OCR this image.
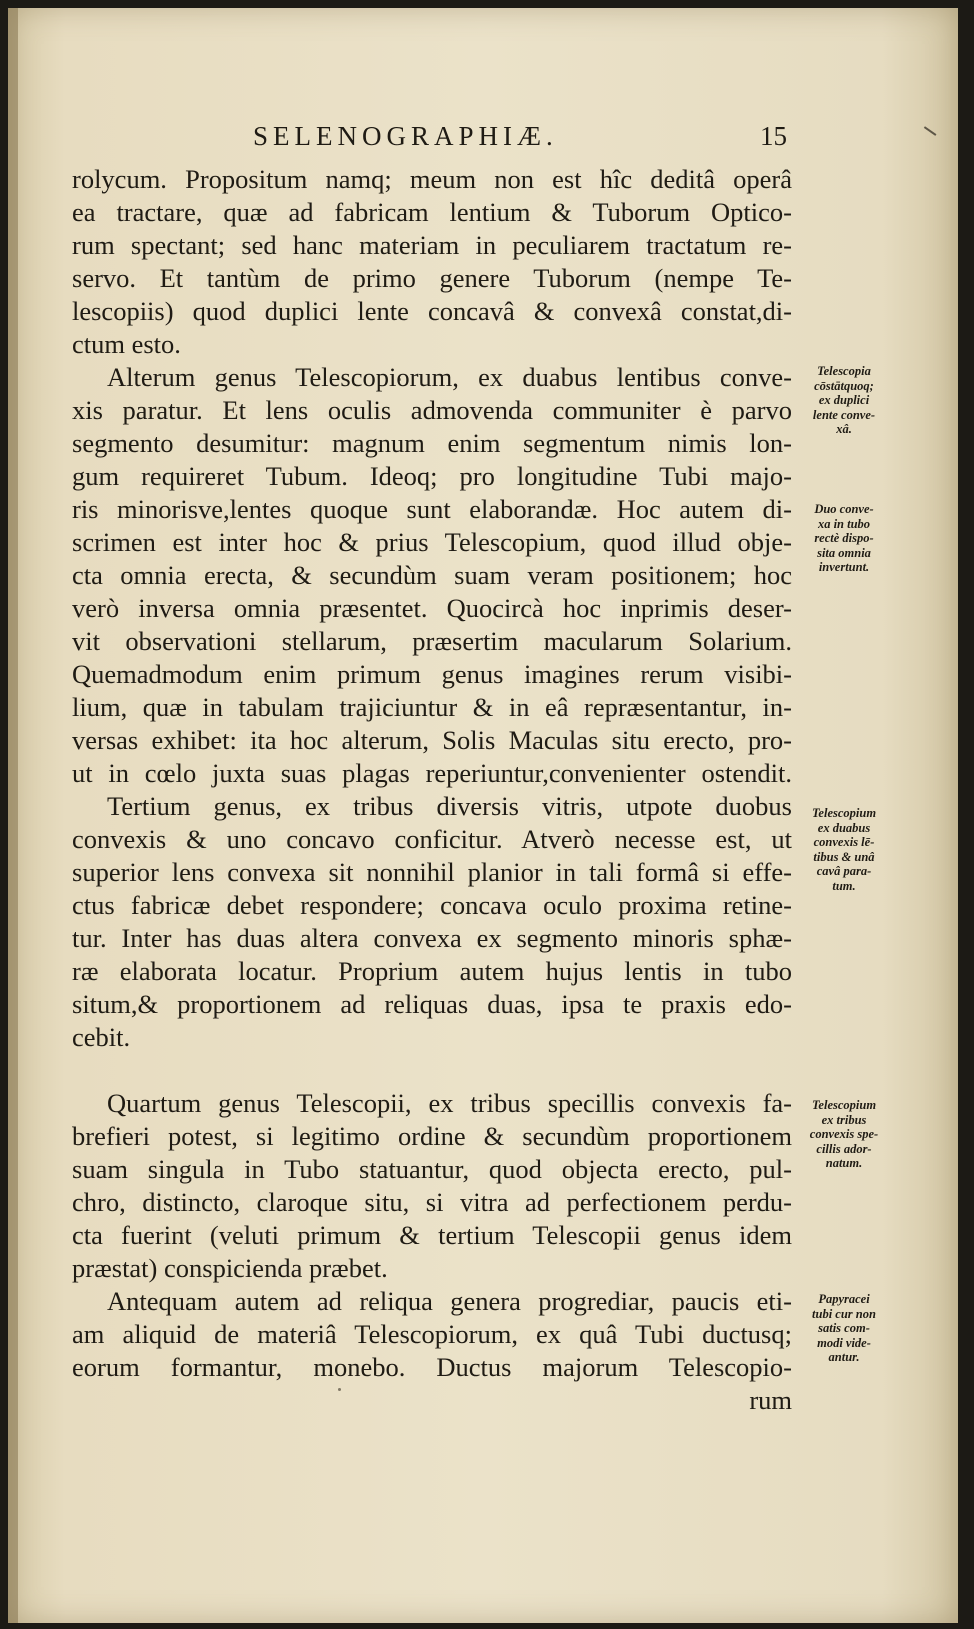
SELENOGRAPHIÆ.	15
rolycum. Propositum namq; meum non est hîc deditâ operâ
ea tractare, quæ ad fabricam lentium & Tuborum Optico-
rum spectant; sed hanc materiam in peculiarem tractatum re-
servo. Et tantùm de primo genere Tuborum (nempe Te-
lescopiis) quod duplici lente concavâ & convexâ constat,di-
ctum esto.
Alterum genus Telescopiorum, ex duabus lentibus conve-
xis paratur. Et lens oculis admovenda communiter è parvo
segmento desumitur: magnum enim segmentum nimis lon-
gum requireret Tubum. Ideoq; pro longitudine Tubi majo-
ris minorisve,lentes quoque sunt elaborandæ. Hoc autem di-
scrimen est inter hoc & prius Telescopium, quod illud obje-
cta omnia erecta, & secundùm suam veram positionem; hoc
verò inversa omnia præsentet. Quocircà hoc inprimis deser-
vit observationi stellarum, præsertim macularum Solarium.
Quemadmodum enim primum genus imagines rerum visibi-
lium, quæ in tabulam trajiciuntur & in eâ repræsentantur, in-
versas exhibet: ita hoc alterum, Solis Maculas situ erecto, pro-
ut in cœlo juxta suas plagas reperiuntur,convenienter ostendit.
Tertium genus, ex tribus diversis vitris, utpote duobus
convexis & uno concavo conficitur. Atverò necesse est, ut
superior lens convexa sit nonnihil planior in tali formâ si effe-
ctus fabricæ debet respondere; concava oculo proxima retine-
tur. Inter has duas altera convexa ex segmento minoris sphæ-
ræ elaborata locatur. Proprium autem hujus lentis in tubo
situm,& proportionem ad reliquas duas, ipsa te praxis edo-
cebit.
Quartum genus Telescopii, ex tribus specillis convexis fa-
brefieri potest, si legitimo ordine & secundùm proportionem
suam singula in Tubo statuantur, quod objecta erecto, pul-
chro, distincto, claroque situ, si vitra ad perfectionem perdu-
cta fuerint (veluti primum & tertium Telescopii genus idem
præstat) conspicienda præbet.
Antequam autem ad reliqua genera progrediar, paucis eti-
am aliquid de materiâ Telescopiorum, ex quâ Tubi ductusq;
eorum formantur, monebo. Ductus majorum Telescopio-
rum
Telescopia
cōstātquoq;
ex duplici
lente conve-
xâ.
Duo conve-
xa in tubo
rectè dispo-
sita omnia
invertunt.
Telescopium
ex duabus
convexis lē-
tibus & unâ
cavâ para-
tum.
Telescopium
ex tribus
convexis spe-
cillis ador-
natum.
Papyracei
tubi cur non
satis com-
modi vide-
antur.
